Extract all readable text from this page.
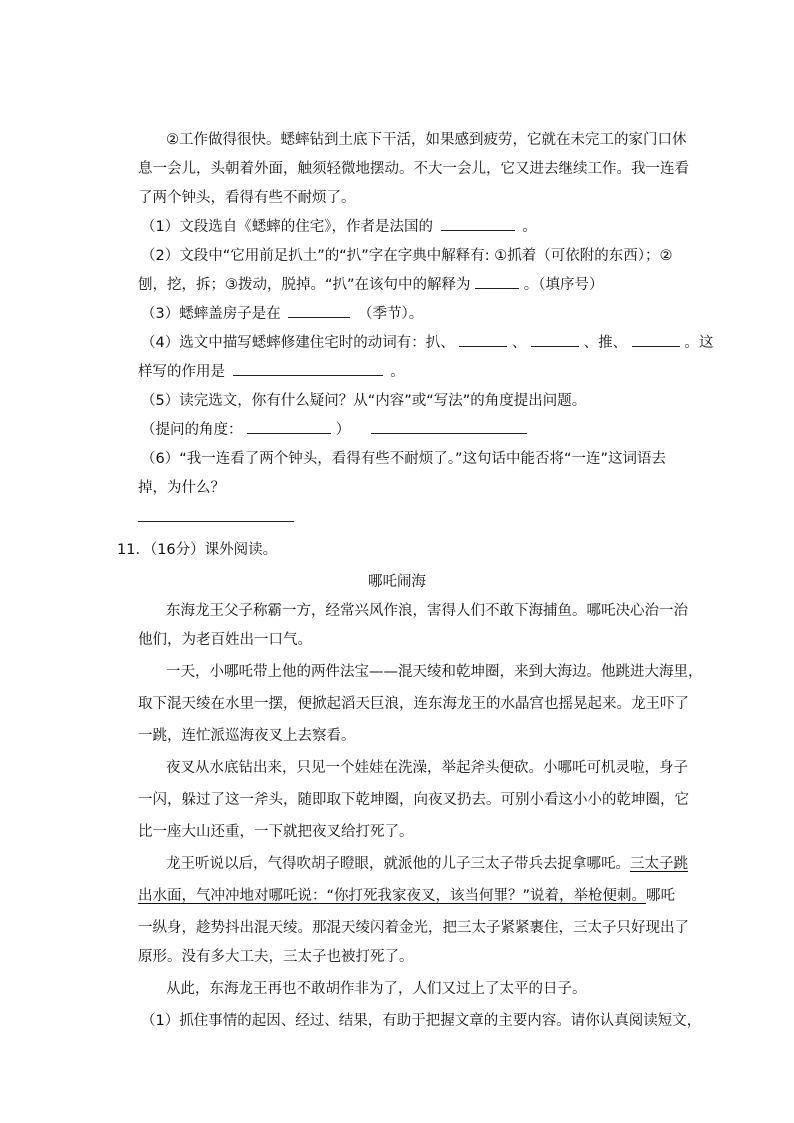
②工作做得很快。蟋蟀钻到土底下干活，如果感到疲劳，它就在未完工的家门口休
息一会儿，头朝着外面，触须轻微地摆动。不大一会儿，它又进去继续工作。我一连看
了两个钟头，看得有些不耐烦了。
（1）文段选自《蟋蟀的住宅》，作者是法国的	。
（2）文段中“它用前足扒土”的“扒”字在字典中解释有: ①抓着（可依附的东西）；②
刨，挖，拆；③拨动，脱掉。“扒”在该句中的解释为	。（填序号）
（3）蟋蟀盖房子是在	（季节）。
（4）选文中描写蟋蟀修建住宅时的动词有：扒、	、	、推、	。这
样写的作用是	。
（5）读完选文，你有什么疑问？从“内容”或“写法”的角度提出问题。
（提问的角度：	）
（6）“我一连看了两个钟头，看得有些不耐烦了。”这句话中能否将“一连”这词语去
掉，为什么？
11．（16分）课外阅读。
哪吒闹海
东海龙王父子称霸一方，经常兴风作浪，害得人们不敢下海捕鱼。哪吒决心治一治
他们，为老百姓出一口气。
一天，小哪吒带上他的两件法宝——混天绫和乾坤圈，来到大海边。他跳进大海里，
取下混天绫在水里一摆，便掀起滔天巨浪，连东海龙王的水晶宫也摇晃起来。龙王吓了
一跳，连忙派巡海夜叉上去察看。
夜叉从水底钻出来，只见一个娃娃在洗澡，举起斧头便砍。小哪吒可机灵啦，身子
一闪，躲过了这一斧头，随即取下乾坤圈，向夜叉扔去。可别小看这小小的乾坤圈，它
比一座大山还重，一下就把夜叉给打死了。
龙王听说以后，气得吹胡子瞪眼，就派他的儿子三太子带兵去捉拿哪吒。三太子跳
出水面，气冲冲地对哪吒说：“你打死我家夜叉，该当何罪？”说着，举枪便刺。哪吒
一纵身，趁势抖出混天绫。那混天绫闪着金光，把三太子紧紧裹住，三太子只好现出了
原形。没有多大工夫，三太子也被打死了。
从此，东海龙王再也不敢胡作非为了，人们又过上了太平的日子。
（1）抓住事情的起因、经过、结果，有助于把握文章的主要内容。请你认真阅读短文，
